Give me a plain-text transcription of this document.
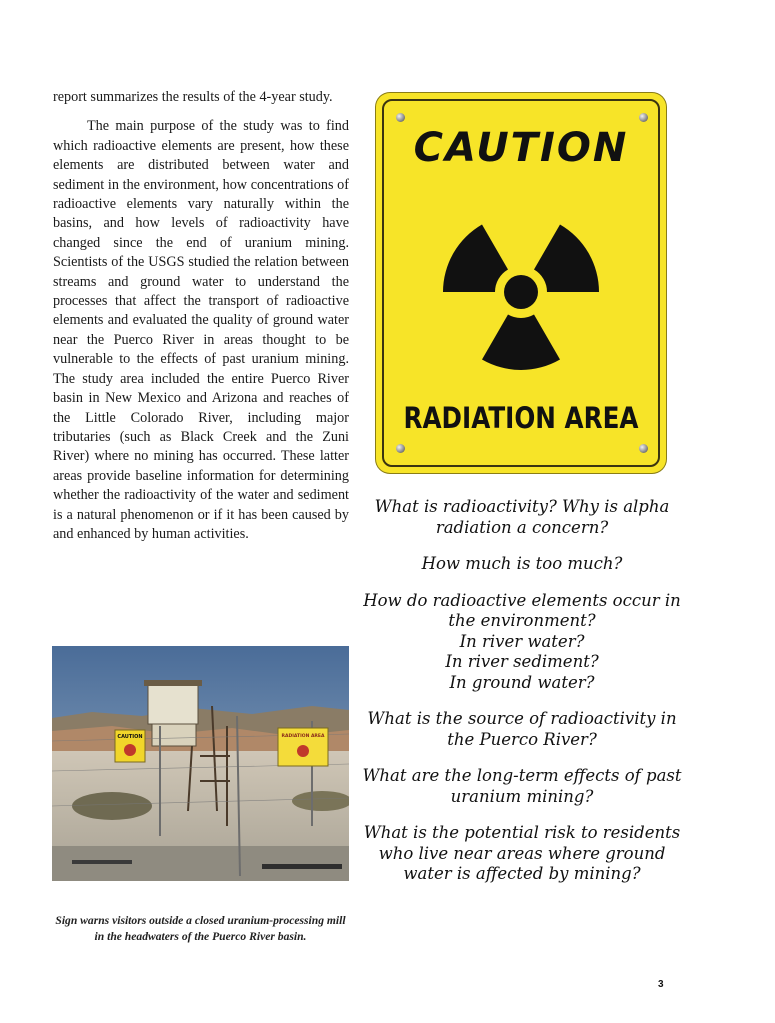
report summarizes the results of the 4-year study.

The main purpose of the study was to find which radioactive elements are present, how these elements are distributed between water and sediment in the environment, how concentrations of radioactive elements vary naturally within the basins, and how levels of radioactivity have changed since the end of uranium mining. Scientists of the USGS studied the relation between streams and ground water to understand the processes that affect the transport of radioactive elements and evaluated the quality of ground water near the Puerco River in areas thought to be vulnerable to the effects of past uranium mining. The study area included the entire Puerco River basin in New Mexico and Arizona and reaches of the Little Colorado River, including major tributaries (such as Black Creek and the Zuni River) where no mining has occurred. These latter areas provide baseline information for determining whether the radioactivity of the water and sediment is a natural phenomenon or if it has been caused by and enhanced by human activities.

CAUTION
RADIATION AREA
What is radioactivity? Why is alpha radiation a concern?
How much is too much?
How do radioactive elements occur in the environment?
In river water?
In river sediment?
In ground water?
What is the source of radioactivity in the Puerco River?
What are the long-term effects of past uranium mining?
What is the potential risk to residents who live near areas where ground water is affected by mining?
CAUTION	RADIATION AREA
Sign warns visitors outside a closed uranium-processing mill in the headwaters of the Puerco River basin.
3
